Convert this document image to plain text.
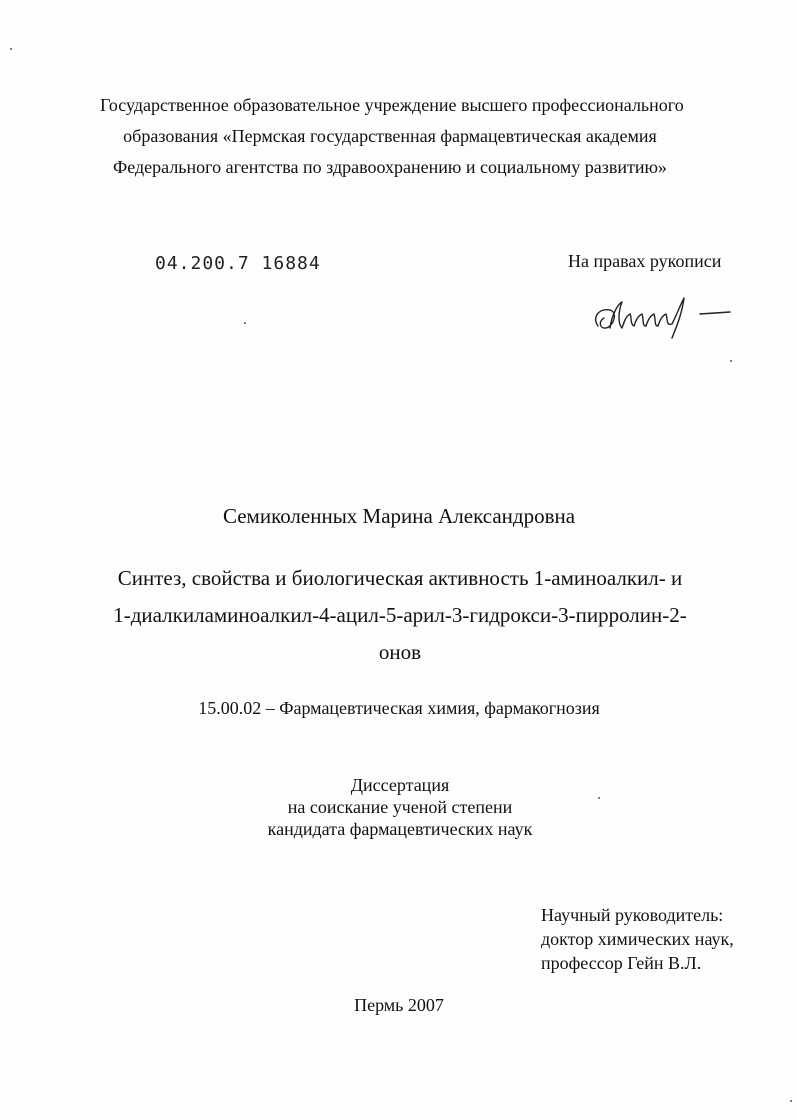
Государственное образовательное учреждение высшего профессионального
образования «Пермская государственная фармацевтическая академия
Федерального агентства по здравоохранению и социальному развитию»
04.200.7 16884	На правах рукописи
Семиколенных Марина Александровна
Синтез, свойства и биологическая активность 1-аминоалкил- и
1-диалкиламиноалкил-4-ацил-5-арил-3-гидрокси-3-пирролин-2-
онов
15.00.02 – Фармацевтическая химия, фармакогнозия
Диссертация
на соискание ученой степени
кандидата фармацевтических наук
Научный руководитель:
доктор химических наук,
профессор Гейн В.Л.
Пермь 2007
